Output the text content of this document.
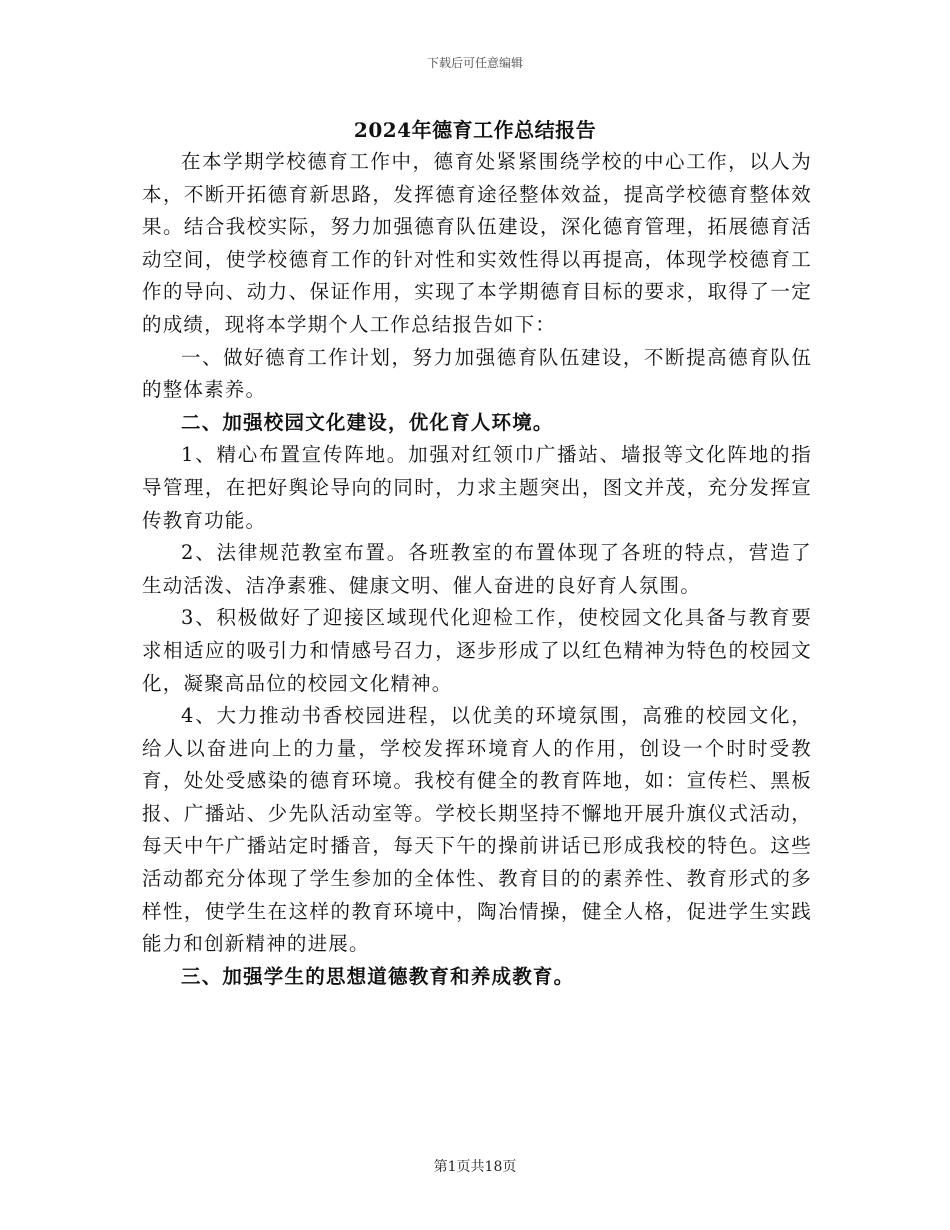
下载后可任意编辑
2024年德育工作总结报告

在本学期学校德育工作中，德育处紧紧围绕学校的中心工作，以人为本，不断开拓德育新思路，发挥德育途径整体效益，提高学校德育整体效果。结合我校实际，努力加强德育队伍建设，深化德育管理，拓展德育活动空间，使学校德育工作的针对性和实效性得以再提高，体现学校德育工作的导向、动力、保证作用，实现了本学期德育目标的要求，取得了一定的成绩，现将本学期个人工作总结报告如下：

一、做好德育工作计划，努力加强德育队伍建设，不断提高德育队伍的整体素养。

二、加强校园文化建设，优化育人环境。

1、精心布置宣传阵地。加强对红领巾广播站、墙报等文化阵地的指导管理，在把好舆论导向的同时，力求主题突出，图文并茂，充分发挥宣传教育功能。

2、法律规范教室布置。各班教室的布置体现了各班的特点，营造了生动活泼、洁净素雅、健康文明、催人奋进的良好育人氛围。

3、积极做好了迎接区域现代化迎检工作，使校园文化具备与教育要求相适应的吸引力和情感号召力，逐步形成了以红色精神为特色的校园文化，凝聚高品位的校园文化精神。

4、大力推动书香校园进程，以优美的环境氛围，高雅的校园文化，给人以奋进向上的力量，学校发挥环境育人的作用，创设一个时时受教育，处处受感染的德育环境。我校有健全的教育阵地，如：宣传栏、黑板报、广播站、少先队活动室等。学校长期坚持不懈地开展升旗仪式活动，每天中午广播站定时播音，每天下午的操前讲话已形成我校的特色。这些活动都充分体现了学生参加的全体性、教育目的的素养性、教育形式的多样性，使学生在这样的教育环境中，陶冶情操，健全人格，促进学生实践能力和创新精神的进展。

三、加强学生的思想道德教育和养成教育。

第1页共18页
